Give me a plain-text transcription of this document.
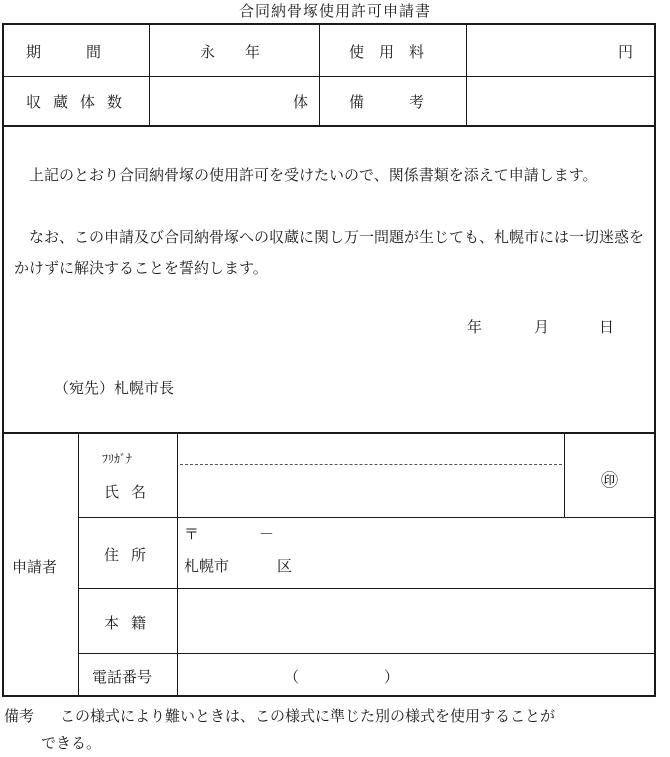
合同納骨塚使用許可申請書
期　　　間	永　　年	使　用　料	円
収蔵体数	体	備　　　考
上記のとおり合同納骨塚の使用許可を受けたいので、関係書類を添えて申請します。
なお、この申請及び合同納骨塚への収蔵に関し万一問題が生じても、札幌市には一切迷惑をかけずに解決することを誓約します。
年	月	日
（宛先）札幌市長
申請者
ﾌﾘｶﾞﾅ
氏名
㊞
住所
〒	－
札幌市	区
本籍
電話番号	（	）
備考 この様式により難いときは、この様式に準じた別の様式を使用することが
できる。
